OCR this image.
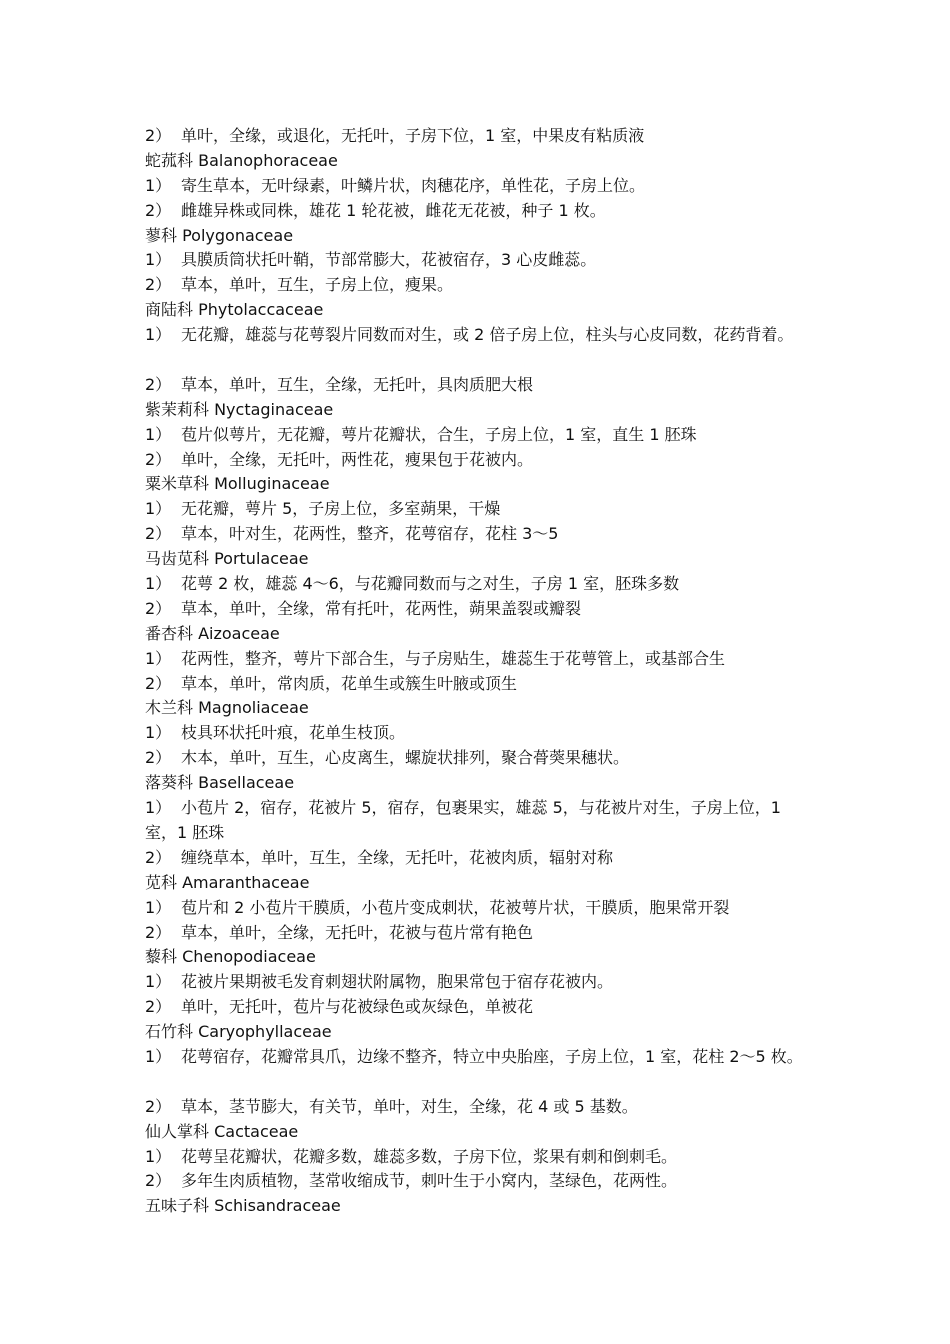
2） 单叶，全缘，或退化，无托叶，子房下位，1 室，中果皮有粘质液
蛇菰科 Balanophoraceae
1） 寄生草本，无叶绿素，叶鳞片状，肉穗花序，单性花，子房上位。
2） 雌雄异株或同株，雄花 1 轮花被，雌花无花被，种子 1 枚。
蓼科 Polygonaceae
1） 具膜质筒状托叶鞘，节部常膨大，花被宿存，3 心皮雌蕊。
2） 草本，单叶，互生，子房上位，瘦果。
商陆科 Phytolaccaceae
1） 无花瓣，雄蕊与花萼裂片同数而对生，或 2 倍子房上位，柱头与心皮同数，花药背着。
2） 草本，单叶，互生，全缘，无托叶，具肉质肥大根
紫茉莉科 Nyctaginaceae
1） 苞片似萼片，无花瓣，萼片花瓣状，合生，子房上位，1 室，直生 1 胚珠
2） 单叶，全缘，无托叶，两性花，瘦果包于花被内。
粟米草科 Molluginaceae
1） 无花瓣，萼片 5，子房上位，多室蒴果，干燥
2） 草本，叶对生，花两性，整齐，花萼宿存，花柱 3～5
马齿苋科 Portulaceae
1） 花萼 2 枚，雄蕊 4～6，与花瓣同数而与之对生，子房 1 室，胚珠多数
2） 草本，单叶，全缘，常有托叶，花两性，蒴果盖裂或瓣裂
番杏科 Aizoaceae
1） 花两性，整齐，萼片下部合生，与子房贴生，雄蕊生于花萼管上，或基部合生
2） 草本，单叶，常肉质，花单生或簇生叶腋或顶生
木兰科 Magnoliaceae
1） 枝具环状托叶痕，花单生枝顶。
2） 木本，单叶，互生，心皮离生，螺旋状排列，聚合蓇葖果穗状。
落葵科 Basellaceae
1） 小苞片 2，宿存，花被片 5，宿存，包裹果实，雄蕊 5，与花被片对生，子房上位，1
室，1 胚珠
2） 缠绕草本，单叶，互生，全缘，无托叶，花被肉质，辐射对称
苋科 Amaranthaceae
1） 苞片和 2 小苞片干膜质，小苞片变成刺状，花被萼片状，干膜质，胞果常开裂
2） 草本，单叶，全缘，无托叶，花被与苞片常有艳色
藜科 Chenopodiaceae
1） 花被片果期被毛发育刺翅状附属物，胞果常包于宿存花被内。
2） 单叶，无托叶，苞片与花被绿色或灰绿色，单被花
石竹科 Caryophyllaceae
1） 花萼宿存，花瓣常具爪，边缘不整齐，特立中央胎座，子房上位，1 室，花柱 2～5 枚。
2） 草本，茎节膨大，有关节，单叶，对生，全缘，花 4 或 5 基数。
仙人掌科 Cactaceae
1） 花萼呈花瓣状，花瓣多数，雄蕊多数，子房下位，浆果有刺和倒刺毛。
2） 多年生肉质植物，茎常收缩成节，刺叶生于小窝内，茎绿色，花两性。
五味子科 Schisandraceae
